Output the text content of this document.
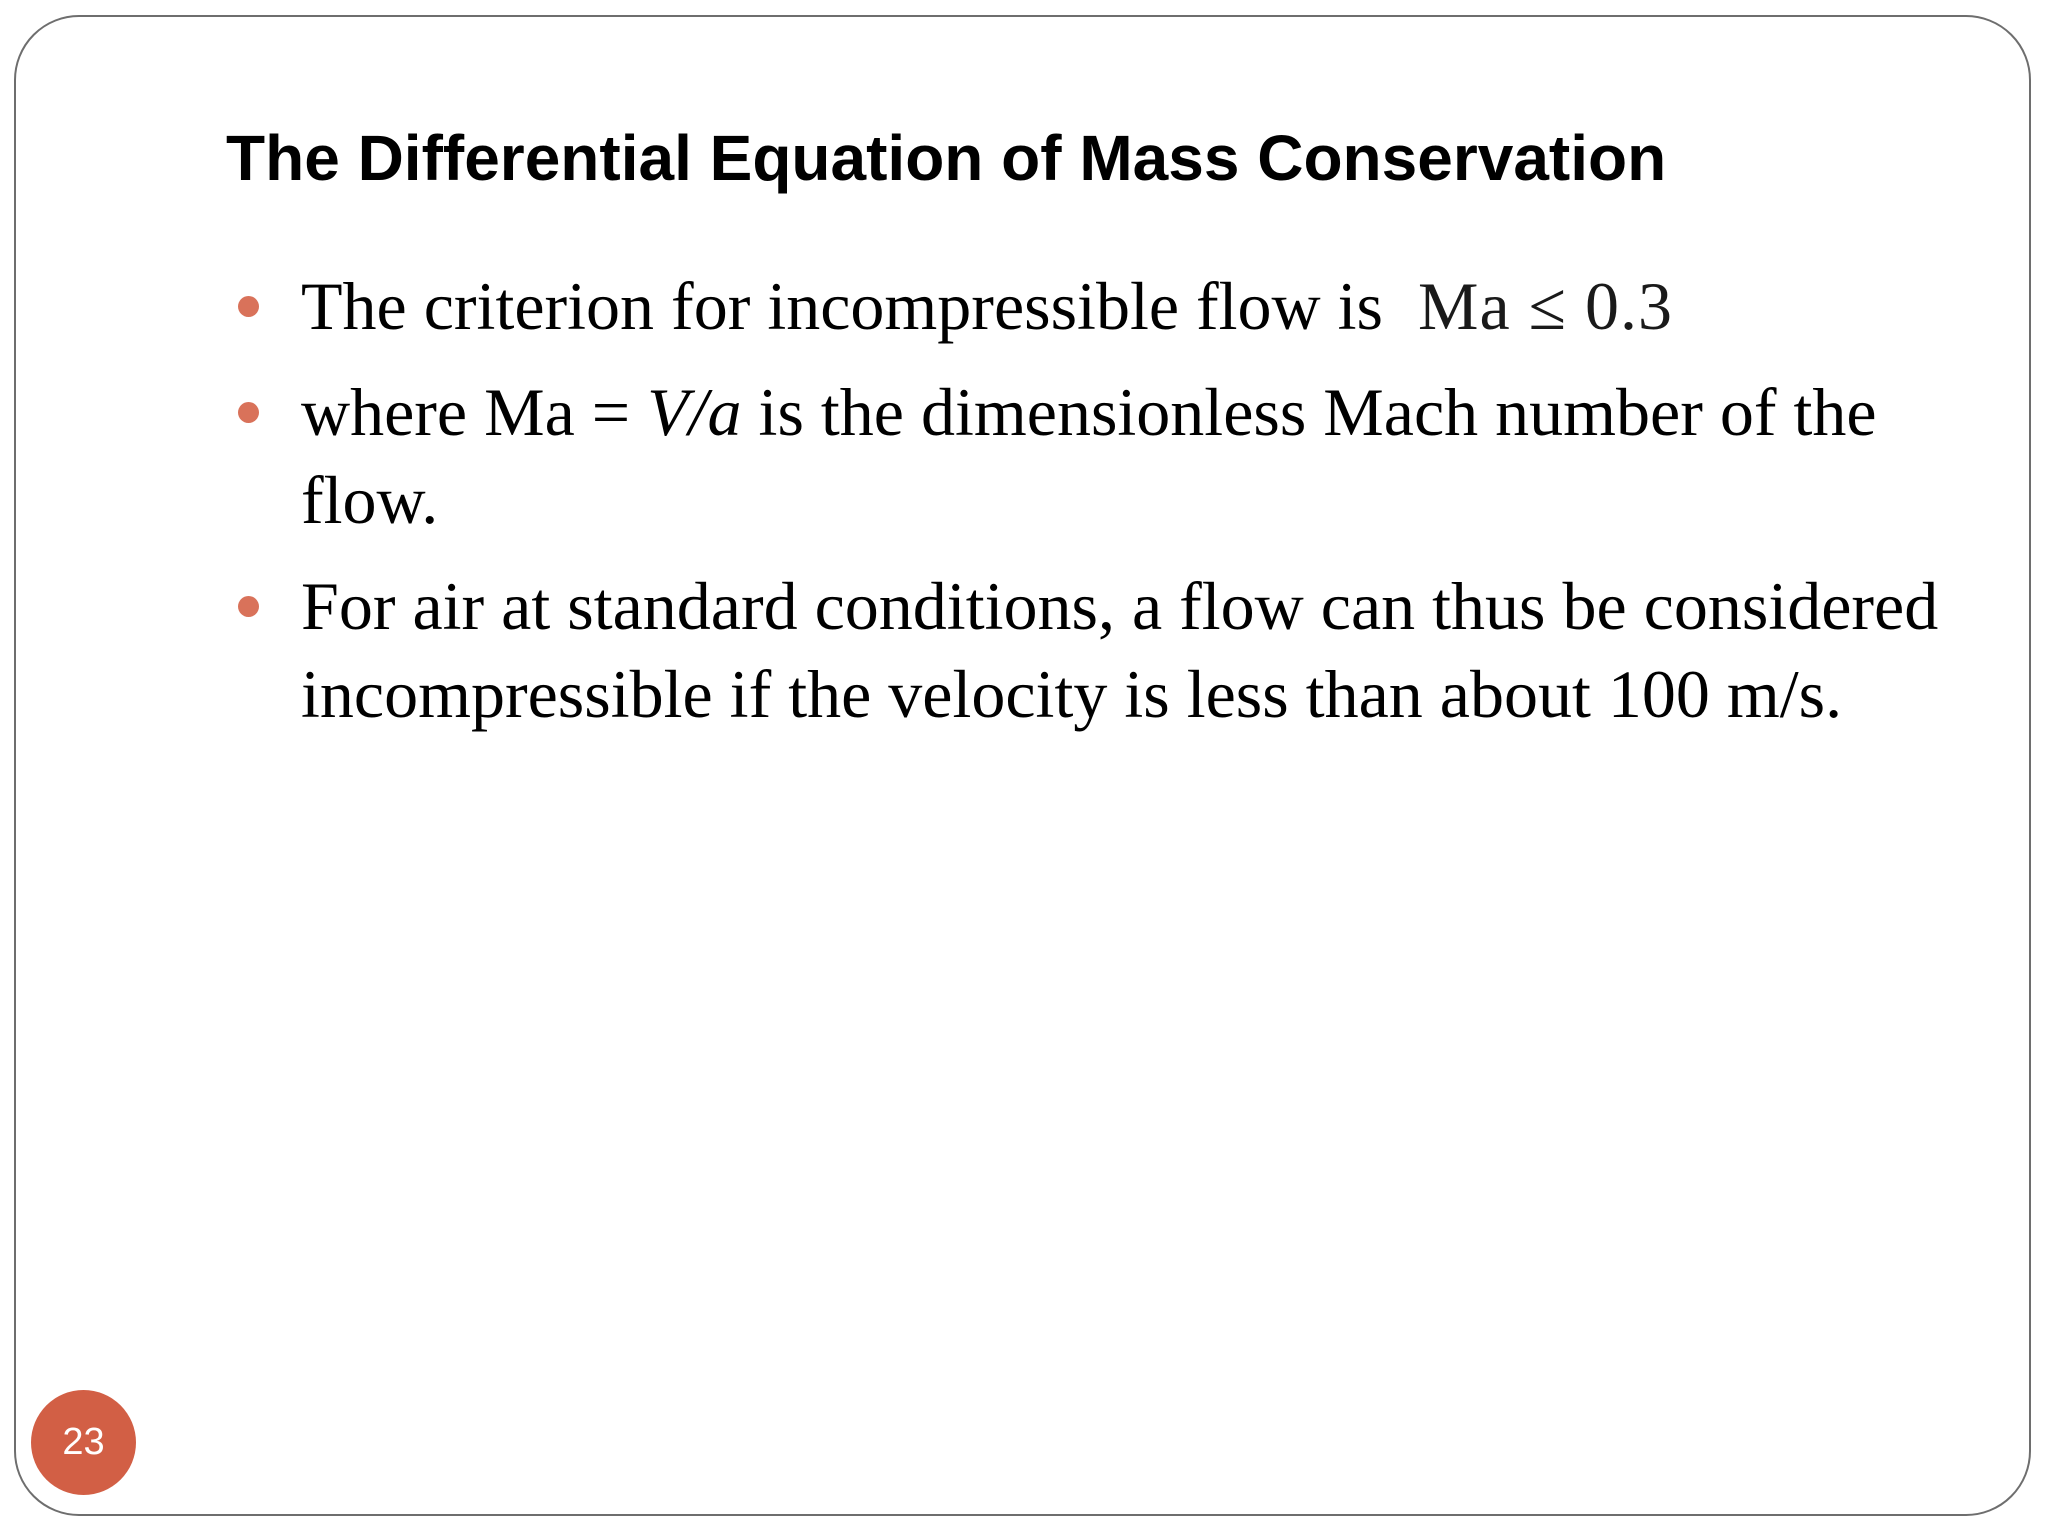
The Differential Equation of Mass Conservation
The criterion for incompressible flow is Ma ≤ 0.3
where Ma = V/a is the dimensionless Mach number of the flow.
For air at standard conditions, a flow can thus be considered incompressible if the velocity is less than about 100 m/s.
23
